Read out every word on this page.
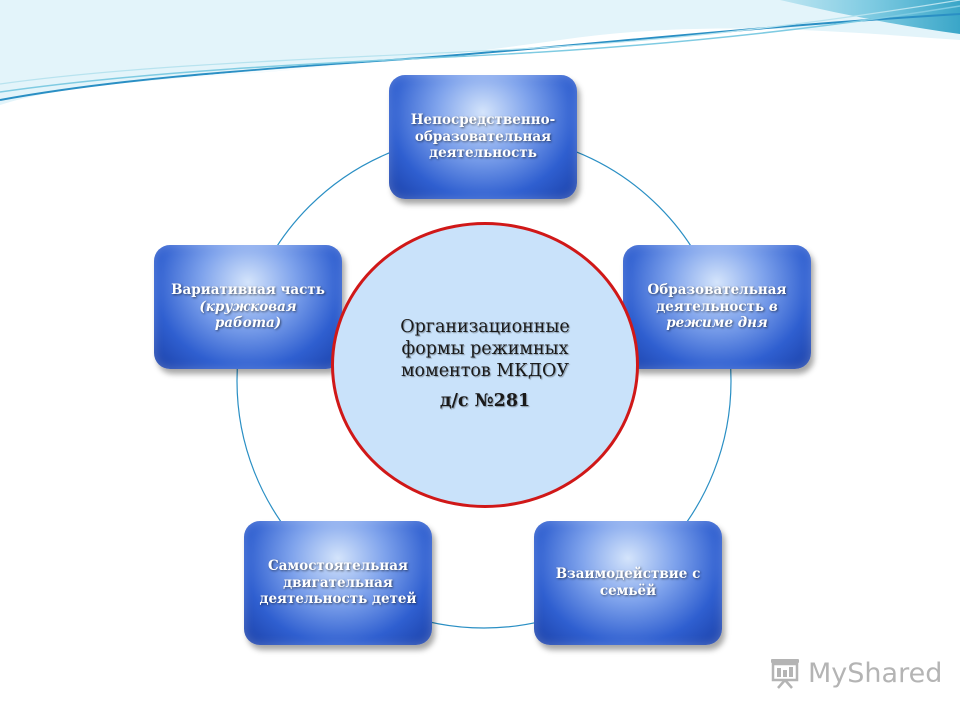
Непосредственно-образовательная деятельность
Образовательная деятельность в режиме дня
Взаимодействие с семьёй
Самостоятельная двигательная деятельность детей
Вариативная часть (кружковая работа)	Организационные
формы режимных
моментов МКДОУ
д/с №281
MyShared
